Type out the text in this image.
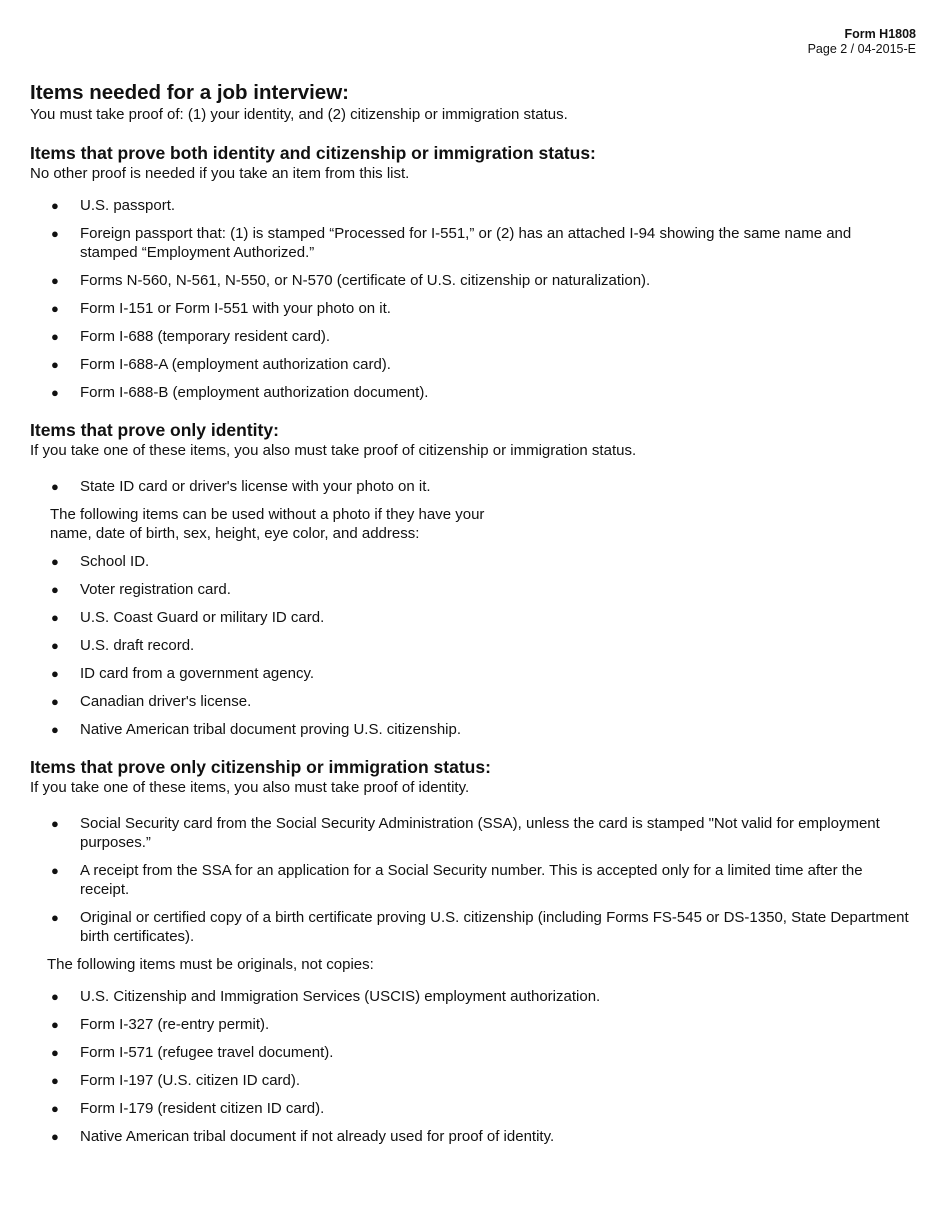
Form H1808
Page 2 / 04-2015-E
Items needed for a job interview:

You must take proof of: (1) your identity, and (2) citizenship or immigration status.

Items that prove both identity and citizenship or immigration status:

No other proof is needed if you take an item from this list.

● U.S. passport.
● Foreign passport that: (1) is stamped “Processed for I-551,” or (2) has an attached I-94 showing the same name and stamped “Employment Authorized.”
● Forms N-560, N-561, N-550, or N-570 (certificate of U.S. citizenship or naturalization).
● Form I-151 or Form I-551 with your photo on it.
● Form I-688 (temporary resident card).
● Form I-688-A (employment authorization card).
● Form I-688-B (employment authorization document).
Items that prove only identity:

If you take one of these items, you also must take proof of citizenship or immigration status.

● State ID card or driver's license with your photo on it.
The following items can be used without a photo if they have your
name, date of birth, sex, height, eye color, and address:
● School ID.
● Voter registration card.
● U.S. Coast Guard or military ID card.
● U.S. draft record.
● ID card from a government agency.
● Canadian driver's license.
● Native American tribal document proving U.S. citizenship.
Items that prove only citizenship or immigration status:

If you take one of these items, you also must take proof of identity.

● Social Security card from the Social Security Administration (SSA), unless the card is stamped "Not valid for employment purposes.”
● A receipt from the SSA for an application for a Social Security number. This is accepted only for a limited time after the receipt.
● Original or certified copy of a birth certificate proving U.S. citizenship (including Forms FS-545 or DS-1350, State Department birth certificates).
The following items must be originals, not copies:
● U.S. Citizenship and Immigration Services (USCIS) employment authorization.
● Form I-327 (re-entry permit).
● Form I-571 (refugee travel document).
● Form I-197 (U.S. citizen ID card).
● Form I-179 (resident citizen ID card).
● Native American tribal document if not already used for proof of identity.
